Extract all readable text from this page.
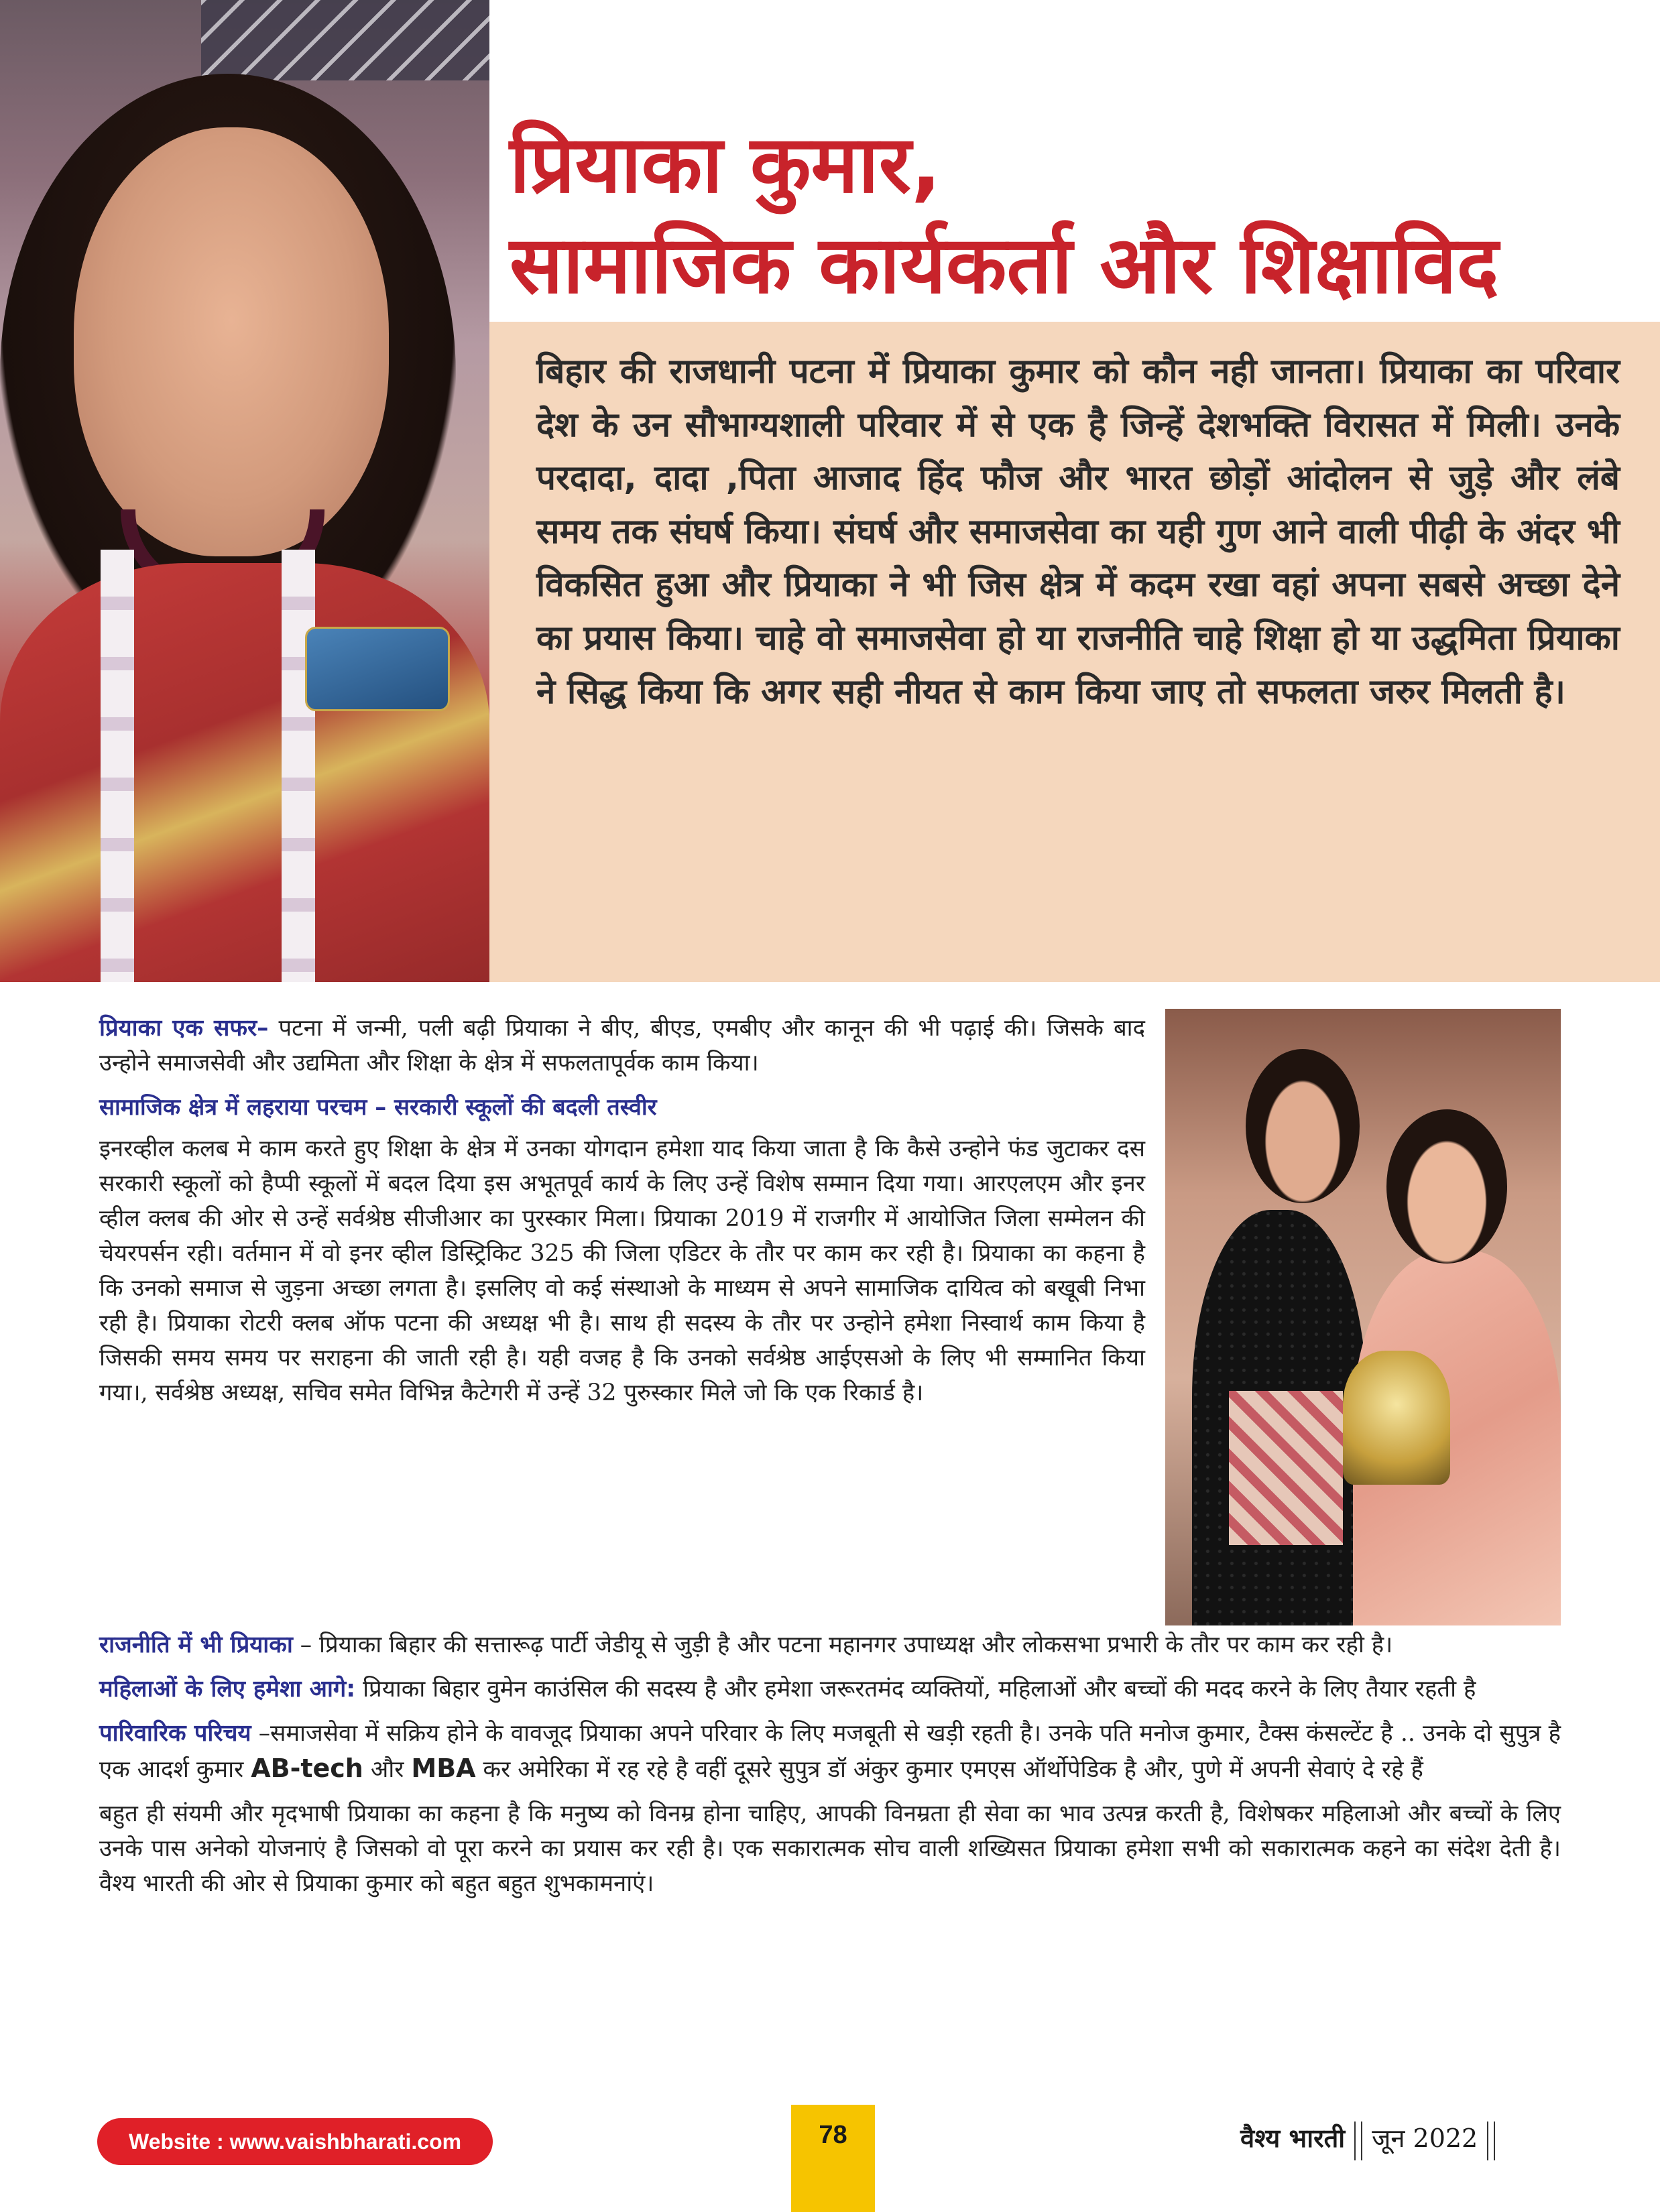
प्रियाका कुमार,
सामाजिक कार्यकर्ता और शिक्षाविद

बिहार की राजधानी पटना में प्रियाका कुमार को कौन नही जानता। प्रियाका का परिवार देश के उन सौभाग्यशाली परिवार में से एक है जिन्हें देशभक्ति विरासत में मिली। उनके परदादा, दादा ,पिता आजाद हिंद फौज और भारत छोड़ों आंदोलन से जुड़े और लंबे समय तक संघर्ष किया। संघर्ष और समाजसेवा का यही गुण आने वाली पीढ़ी के अंदर भी विकसित हुआ और प्रियाका ने भी जिस क्षेत्र में कदम रखा वहां अपना सबसे अच्छा देने का प्रयास किया। चाहे वो समाजसेवा हो या राजनीति चाहे शिक्षा हो या उद्धमिता प्रियाका ने सिद्ध किया कि अगर सही नीयत से काम किया जाए तो सफलता जरुर मिलती है।

प्रियाका एक सफर– पटना में जन्मी, पली बढ़ी प्रियाका ने बीए, बीएड, एमबीए और कानून की भी पढ़ाई की। जिसके बाद उन्होने समाजसेवी और उद्यमिता और शिक्षा के क्षेत्र में सफलतापूर्वक काम किया।

सामाजिक क्षेत्र में लहराया परचम – सरकारी स्कूलों की बदली तस्वीर

इनरव्हील कलब मे काम करते हुए शिक्षा के क्षेत्र में उनका योगदान हमेशा याद किया जाता है कि कैसे उन्होने फंड जुटाकर दस सरकारी स्कूलों को हैप्पी स्कूलों में बदल दिया इस अभूतपूर्व कार्य के लिए उन्हें विशेष सम्मान दिया गया। आरएलएम और इनर व्हील क्लब की ओर से उन्हें सर्वश्रेष्ठ सीजीआर का पुरस्कार मिला। प्रियाका 2019 में राजगीर में आयोजित जिला सम्मेलन की चेयरपर्सन रही। वर्तमान में वो इनर व्हील डिस्ट्रिकिट 325 की जिला एडिटर के तौर पर काम कर रही है। प्रियाका का कहना है कि उनको समाज से जुड़ना अच्छा लगता है। इसलिए वो कई संस्थाओ के माध्यम से अपने सामाजिक दायित्व को बखूबी निभा रही है। प्रियाका रोटरी क्लब ऑफ पटना की अध्यक्ष भी है। साथ ही सदस्य के तौर पर उन्होने हमेशा निस्वार्थ काम किया है जिसकी समय समय पर सराहना की जाती रही है। यही वजह है कि उनको सर्वश्रेष्ठ आईएसओ के लिए भी सम्मानित किया गया।, सर्वश्रेष्ठ अध्यक्ष, सचिव समेत विभिन्न कैटेगरी में उन्हें 32 पुरुस्कार मिले जो कि एक रिकार्ड है।

राजनीति में भी प्रियाका – प्रियाका बिहार की सत्तारूढ़ पार्टी जेडीयू से जुड़ी है और पटना महानगर उपाध्यक्ष और लोकसभा प्रभारी के तौर पर काम कर रही है।

महिलाओं के लिए हमेशा आगे: प्रियाका बिहार वुमेन काउंसिल की सदस्य है और हमेशा जरूरतमंद व्यक्तियों, महिलाओं और बच्चों की मदद करने के लिए तैयार रहती है

पारिवारिक परिचय –समाजसेवा में सक्रिय होने के वावजूद प्रियाका अपने परिवार के लिए मजबूती से खड़ी रहती है। उनके पति मनोज कुमार, टैक्स कंसल्टेंट है .. उनके दो सुपुत्र है एक आदर्श कुमार AB-tech और MBA कर अमेरिका में रह रहे है वहीं दूसरे सुपुत्र डॉ अंकुर कुमार एमएस ऑर्थोपेडिक है और, पुणे में अपनी सेवाएं दे रहे हैं

बहुत ही संयमी और मृदभाषी प्रियाका का कहना है कि मनुष्य को विनम्र होना चाहिए, आपकी विनम्रता ही सेवा का भाव उत्पन्न करती है, विशेषकर महिलाओ और बच्चों के लिए उनके पास अनेको योजनाएं है जिसको वो पूरा करने का प्रयास कर रही है। एक सकारात्मक सोच वाली शख्यिसत प्रियाका हमेशा सभी को सकारात्मक कहने का संदेश देती है। वैश्य भारती की ओर से प्रियाका कुमार को बहुत बहुत शुभकामनाएं।

Website : www.vaishbharati.com	78	वैश्य भारती जून 2022
